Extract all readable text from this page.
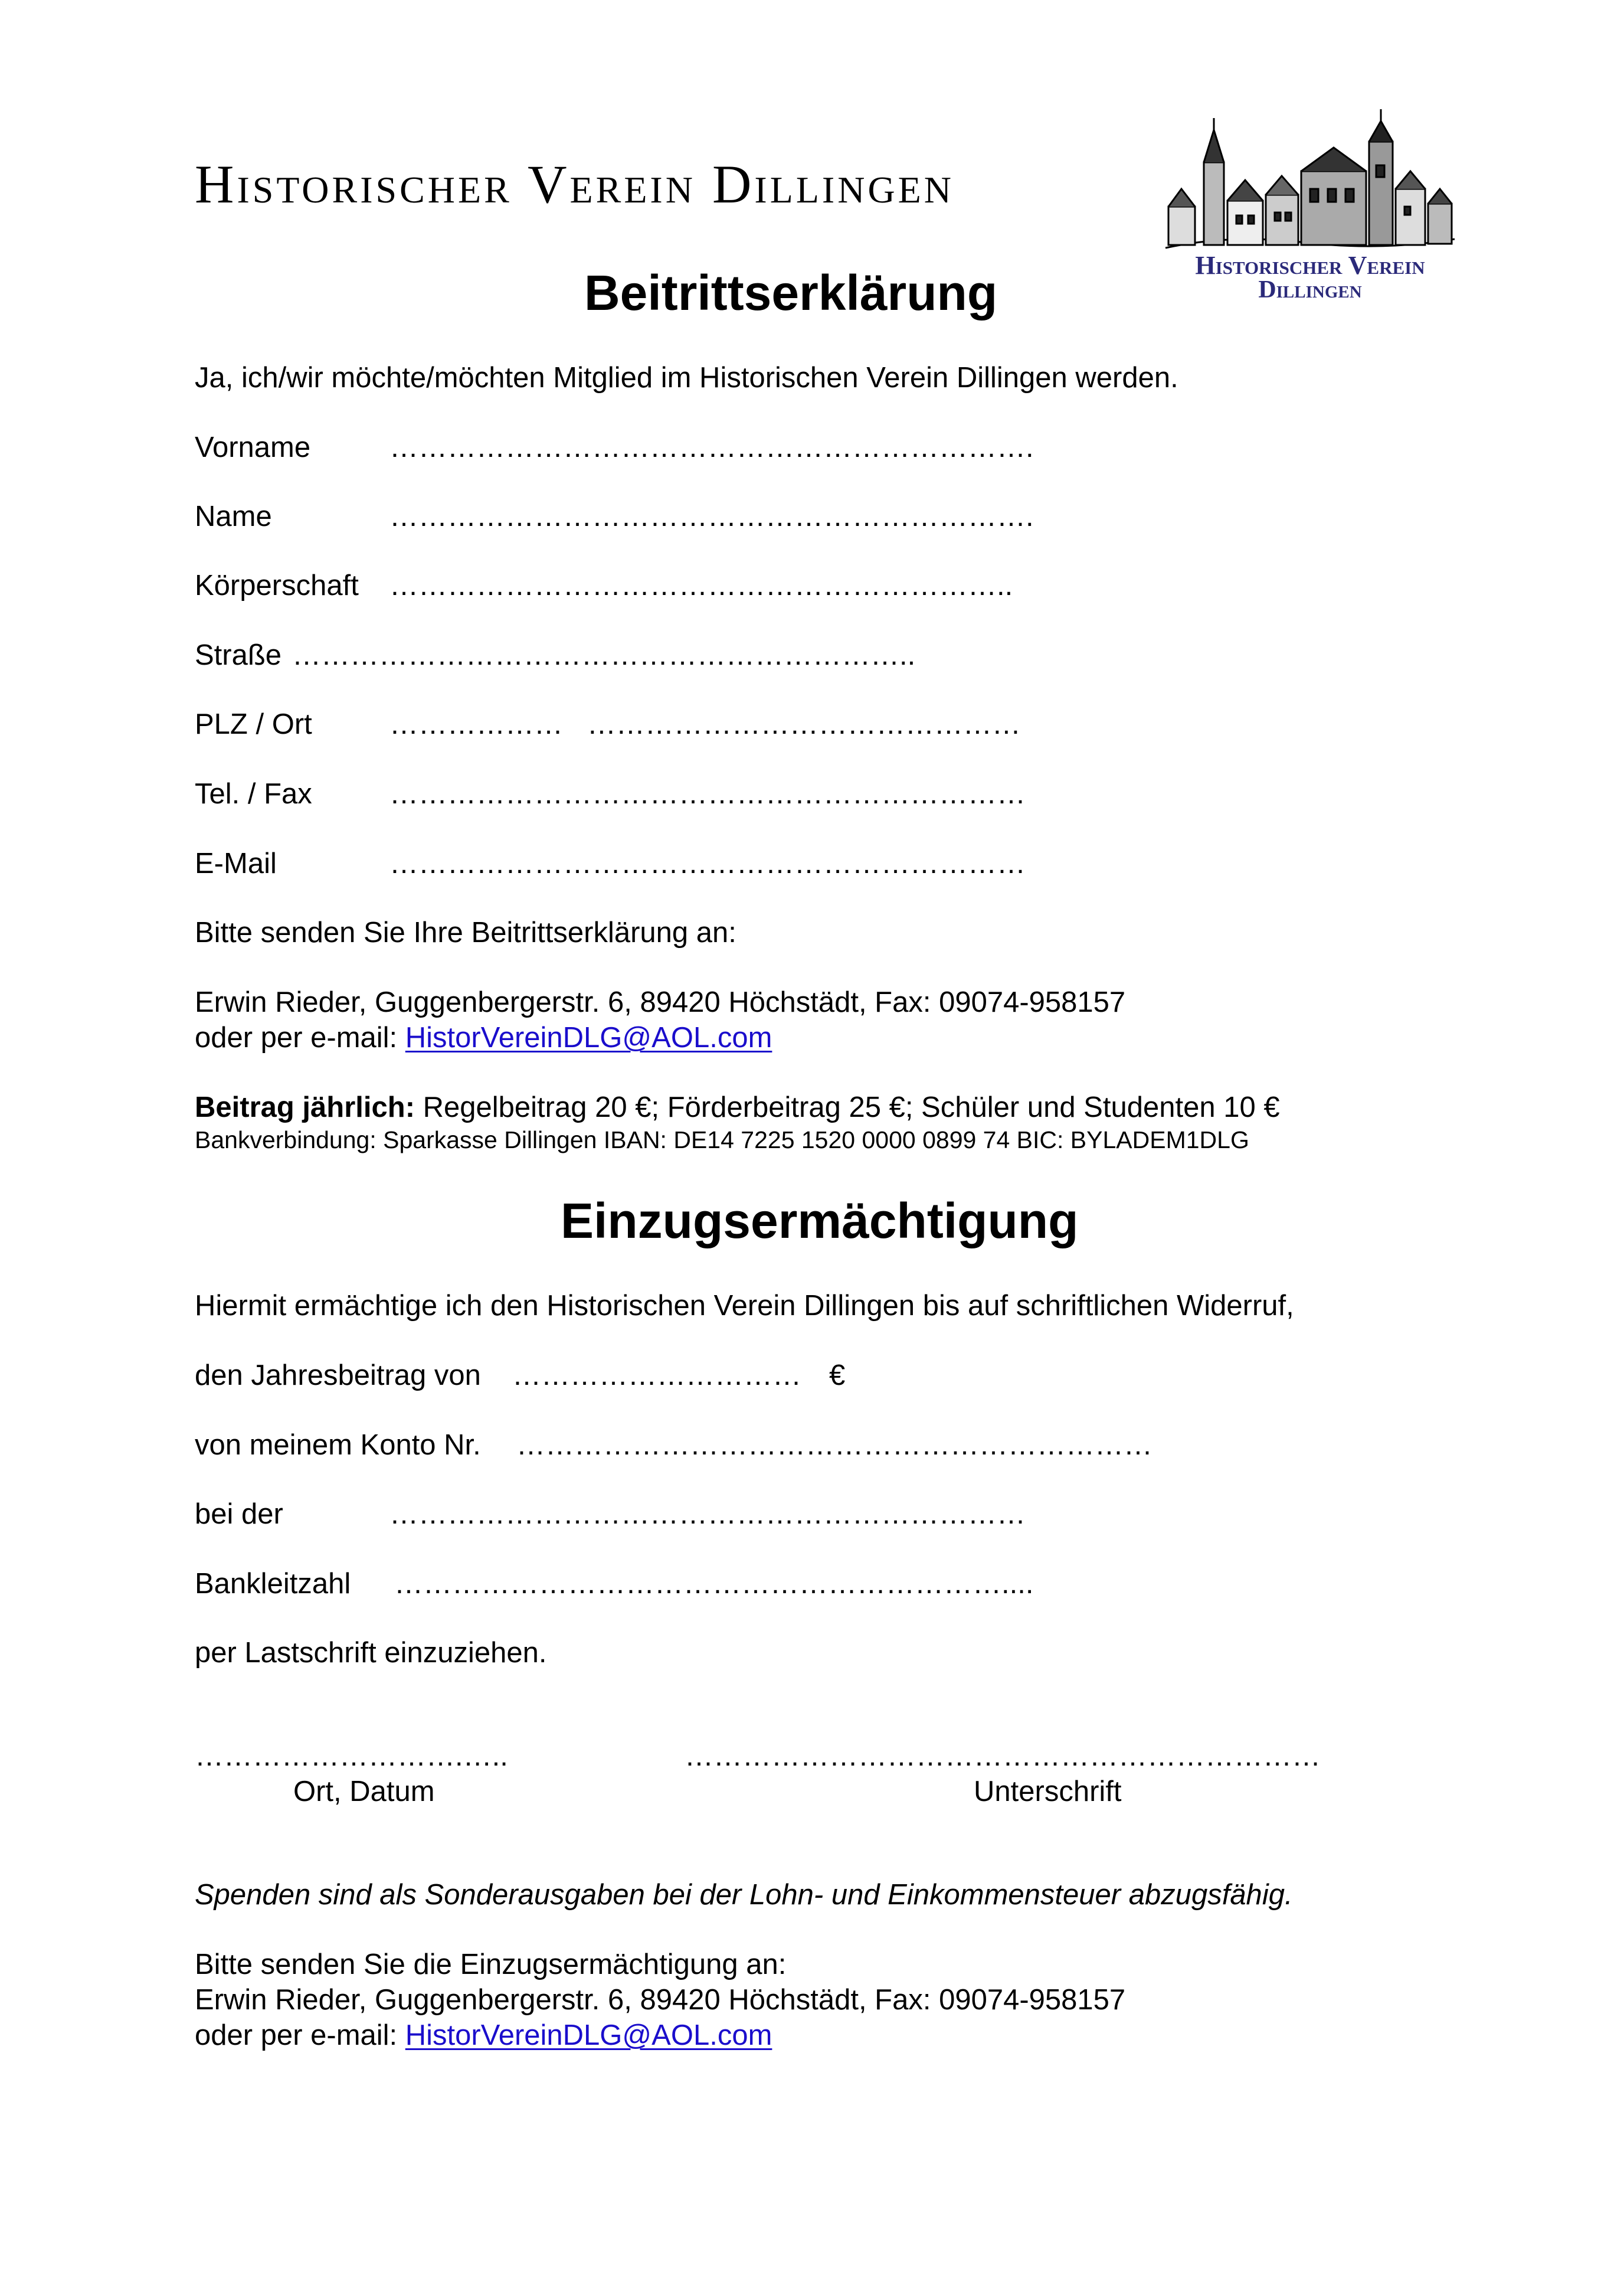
Historischer Verein Dillingen
Historischer Verein
Dillingen
Beitrittserklärung
Ja, ich/wir möchte/möchten Mitglied im Historischen Verein Dillingen werden.
Vorname	………………………………………………………….
Name	………………………………………………………….
Körperschaft ………………………………………………………..
Straße ………………………………………………………..
PLZ / Ort	………………   ………………………………………
Tel. / Fax	…………………………………………………………
E-Mail	…………………………………………………………
Bitte senden Sie Ihre Beitrittserklärung an:
Erwin Rieder, Guggenbergerstr. 6, 89420 Höchstädt, Fax: 09074-958157
oder per e-mail: HistorVereinDLG@AOL.com
Beitrag jährlich: Regelbeitrag 20 €; Förderbeitrag 25 €; Schüler und Studenten 10 €
Bankverbindung: Sparkasse Dillingen IBAN: DE14 7225 1520 0000 0899 74 BIC: BYLADEM1DLG
Einzugsermächtigung
Hiermit ermächtige ich den Historischen Verein Dillingen bis auf schriftlichen Widerruf,
den Jahresbeitrag von ………………………… €
von meinem Konto Nr. …………………………………………………………
bei der	…………………………………………………………
Bankleitzahl ………………………………………………………....
per Lastschrift einzuziehen.
……………………….…..
Ort, Datum
…………………………………………………………
Unterschrift
Spenden sind als Sonderausgaben bei der Lohn- und Einkommensteuer abzugsfähig.
Bitte senden Sie die Einzugsermächtigung an:
Erwin Rieder, Guggenbergerstr. 6, 89420 Höchstädt, Fax: 09074-958157
oder per e-mail: HistorVereinDLG@AOL.com
